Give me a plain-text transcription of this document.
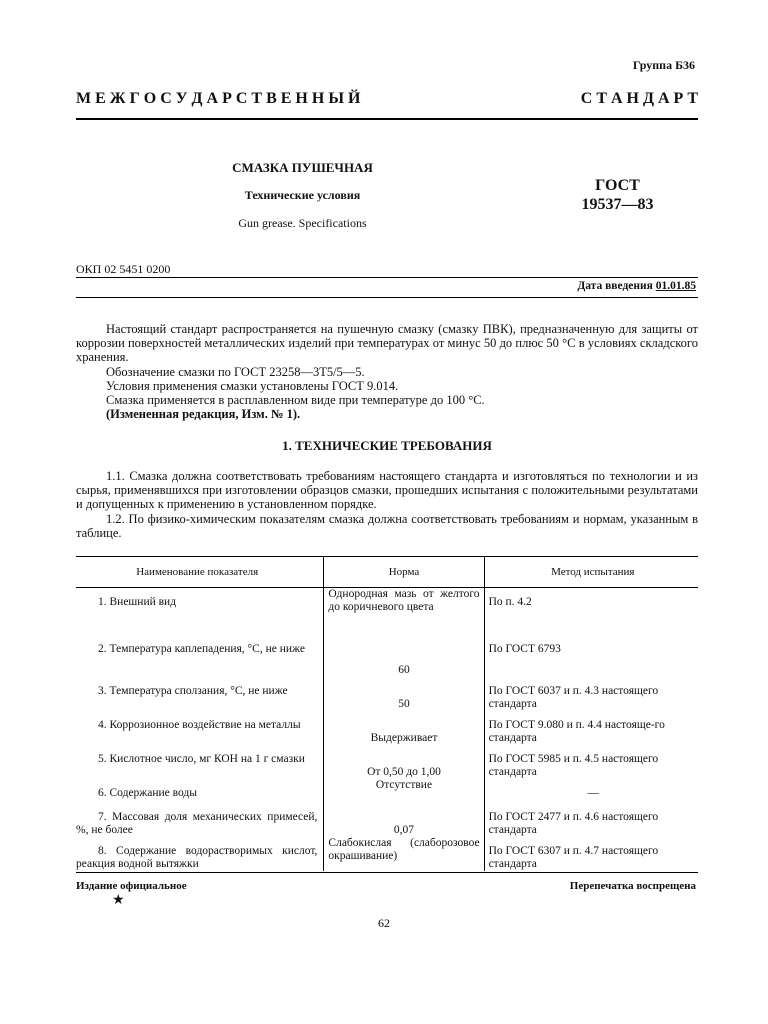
Группа Б36
М Е Ж Г О С У Д А Р С Т В Е Н Н Ы Й	С Т А Н Д А Р Т
СМАЗКА ПУШЕЧНАЯ
Технические условия
Gun grease. Specifications
ГОСТ
19537—83
ОКП 02 5451 0200
Дата введения 01.01.85

Настоящий стандарт распространяется на пушечную смазку (смазку ПВК), предназначенную для защиты от коррозии поверхностей металлических изделий при температурах от минус 50 до плюс 50 °С в условиях складского хранения.

Обозначение смазки по ГОСТ 23258—3Т5/5—5.

Условия применения смазки установлены ГОСТ 9.014.

Смазка применяется в расплавленном виде при температуре до 100 °С.

(Измененная редакция, Изм. № 1).

1. ТЕХНИЧЕСКИЕ ТРЕБОВАНИЯ

1.1. Смазка должна соответствовать требованиям настоящего стандарта и изготовляться по технологии и из сырья, применявшихся при изготовлении образцов смазки, прошедших испытания с положительными результатами и допущенных к применению в установленном порядке.

1.2. По физико-химическим показателям смазка должна соответствовать требованиям и нормам, указанным в таблице.

Наименование показателя	Норма	Метод испытания
1. Внешний вид	Однородная мазь от желтого до коричневого цвета	По п. 4.2
2. Температура каплепадения, °С, не ниже	60	По ГОСТ 6793
3. Температура сползания, °С, не ниже	50	По ГОСТ 6037 и п. 4.3 настоящего стандарта
4. Коррозионное воздействие на металлы	Выдерживает	По ГОСТ 9.080 и п. 4.4 настояще-го стандарта
5. Кислотное число, мг КОН на 1 г смазки	От 0,50 до 1,00	По ГОСТ 5985 и п. 4.5 настоящего стандарта
6. Содержание воды	Отсутствие	—
7. Массовая доля механических примесей, %, не более	0,07	По ГОСТ 2477 и п. 4.6 настоящего стандарта
8. Содержание водорастворимых кислот, реакция водной вытяжки	Слабокислая (слаборозовое окрашивание)	По ГОСТ 6307 и п. 4.7 настоящего стандарта
Издание официальное
★
Перепечатка воспрещена
62
